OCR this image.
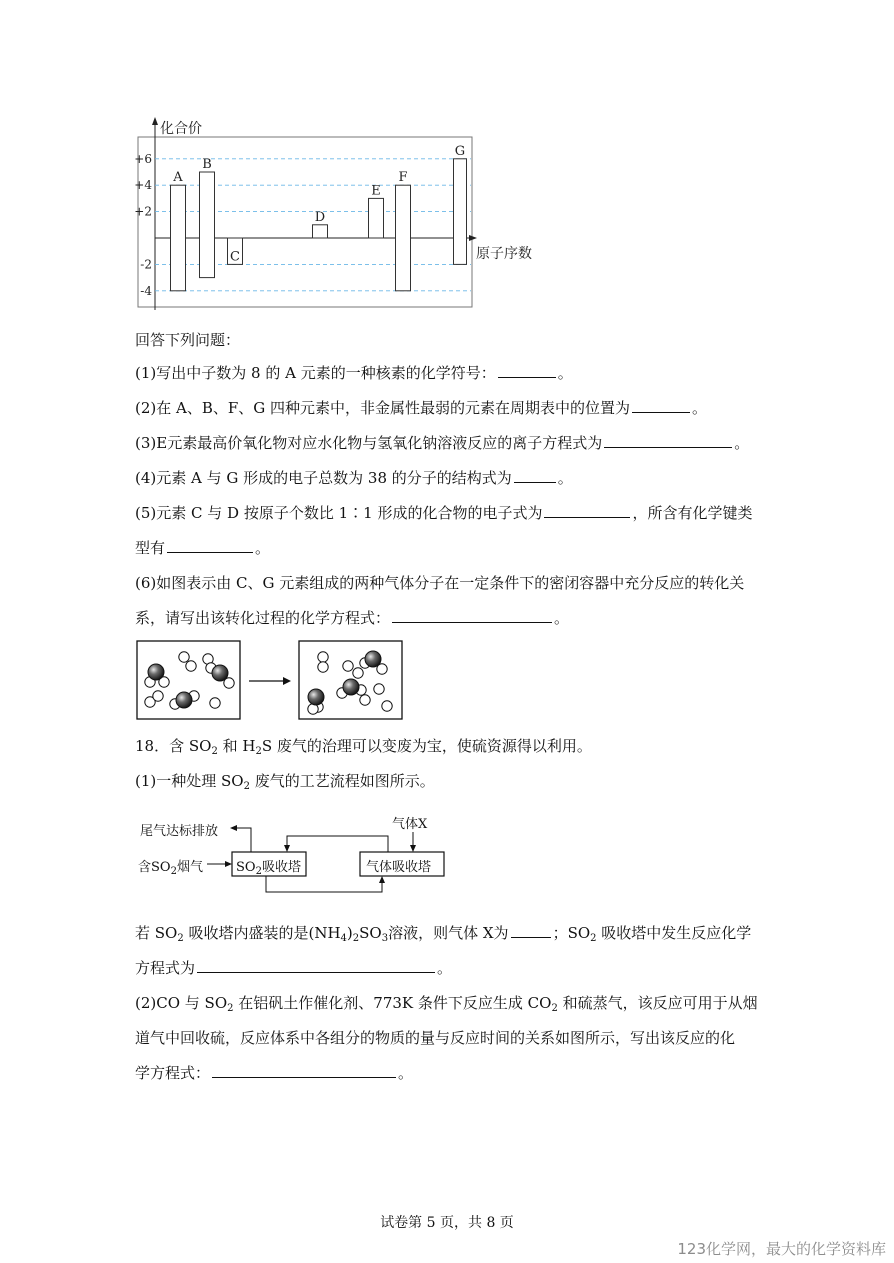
化合价
原子序数
+6
+4
+2
-2
-4
A
B
C
D
E
F
G
回答下列问题：
(1)写出中子数为 8 的 A 元素的一种核素的化学符号：	。
(2)在 A、B、F、G 四种元素中，非金属性最弱的元素在周期表中的位置为	。
(3)E元素最高价氧化物对应水化物与氢氧化钠溶液反应的离子方程式为	。
(4)元素 A 与 G 形成的电子总数为 38 的分子的结构式为	。
(5)元素 C 与 D 按原子个数比 1∶1 形成的化合物的电子式为	，所含有化学键类
型有	。
(6)如图表示由 C、G 元素组成的两种气体分子在一定条件下的密闭容器中充分反应的转化关
系，请写出该转化过程的化学方程式：	。
18．含 $SO_2$ 和 $H_2S$ 废气的治理可以变废为宝，使硫资源得以利用。
(1)一种处理 $SO_2$ 废气的工艺流程如图所示。
尾气达标排放
含$SO_2$烟气	$SO_2$吸收塔
气体X
气体吸收塔
若 $SO_2$ 吸收塔内盛装的是$(NH_4)_2SO_3$溶液，则气体 X为	；$SO_2$ 吸收塔中发生反应化学
方程式为	。
(2)CO 与 $SO_2$ 在铝矾土作催化剂、773K 条件下反应生成 $CO_2$ 和硫蒸气，该反应可用于从烟
道气中回收硫，反应体系中各组分的物质的量与反应时间的关系如图所示，写出该反应的化
学方程式：	。
试卷第 5 页，共 8 页
123化学网，最大的化学资料库
